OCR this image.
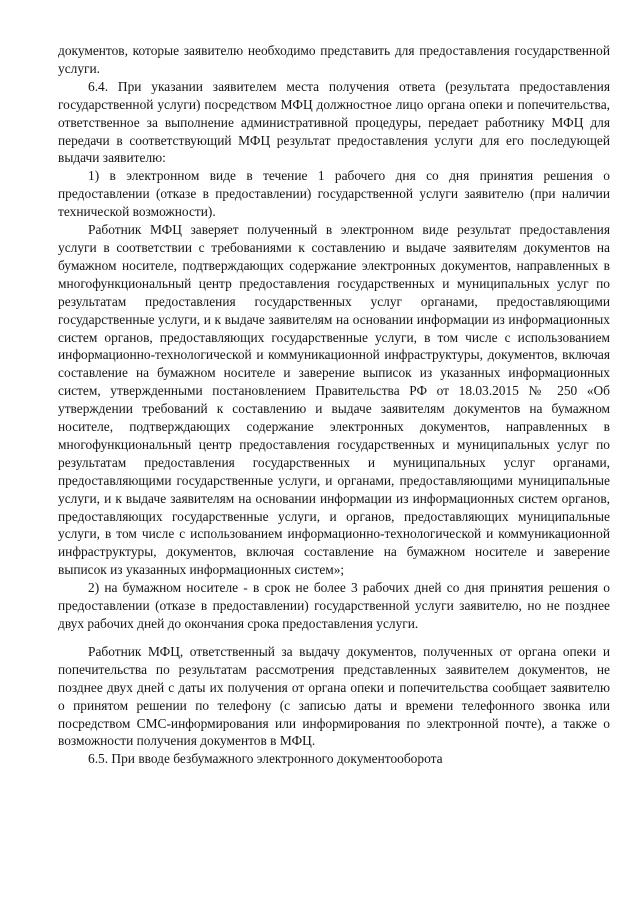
документов, которые заявителю необходимо представить для предоставления государственной услуги.

6.4. При указании заявителем места получения ответа (результата предоставления государственной услуги) посредством МФЦ должностное лицо органа опеки и попечительства, ответственное за выполнение административной процедуры, передает работнику МФЦ для передачи в соответствующий МФЦ результат предоставления услуги для его последующей выдачи заявителю:

1) в электронном виде в течение 1 рабочего дня со дня принятия решения о предоставлении (отказе в предоставлении) государственной услуги заявителю (при наличии технической возможности).

Работник МФЦ заверяет полученный в электронном виде результат предоставления услуги в соответствии с требованиями к составлению и выдаче заявителям документов на бумажном носителе, подтверждающих содержание электронных документов, направленных в многофункциональный центр предоставления государственных и муниципальных услуг по результатам предоставления государственных услуг органами, предоставляющими государственные услуги, и к выдаче заявителям на основании информации из информационных систем органов, предоставляющих государственные услуги, в том числе с использованием информационно-технологической и коммуникационной инфраструктуры, документов, включая составление на бумажном носителе и заверение выписок из указанных информационных систем, утвержденными постановлением Правительства РФ от 18.03.2015 № 250 «Об утверждении требований к составлению и выдаче заявителям документов на бумажном носителе, подтверждающих содержание электронных документов, направленных в многофункциональный центр предоставления государственных и муниципальных услуг по результатам предоставления государственных и муниципальных услуг органами, предоставляющими государственные услуги, и органами, предоставляющими муниципальные услуги, и к выдаче заявителям на основании информации из информационных систем органов, предоставляющих государственные услуги, и органов, предоставляющих муниципальные услуги, в том числе с использованием информационно-технологической и коммуникационной инфраструктуры, документов, включая составление на бумажном носителе и заверение выписок из указанных информационных систем»;

2) на бумажном носителе - в срок не более 3 рабочих дней со дня принятия решения о предоставлении (отказе в предоставлении) государственной услуги заявителю, но не позднее двух рабочих дней до окончания срока предоставления услуги.

Работник МФЦ, ответственный за выдачу документов, полученных от органа опеки и попечительства по результатам рассмотрения представленных заявителем документов, не позднее двух дней с даты их получения от органа опеки и попечительства сообщает заявителю о принятом решении по телефону (с записью даты и времени телефонного звонка или посредством СМС-информирования или информирования по электронной почте), а также о возможности получения документов в МФЦ.

6.5. При вводе безбумажного электронного документооборота
